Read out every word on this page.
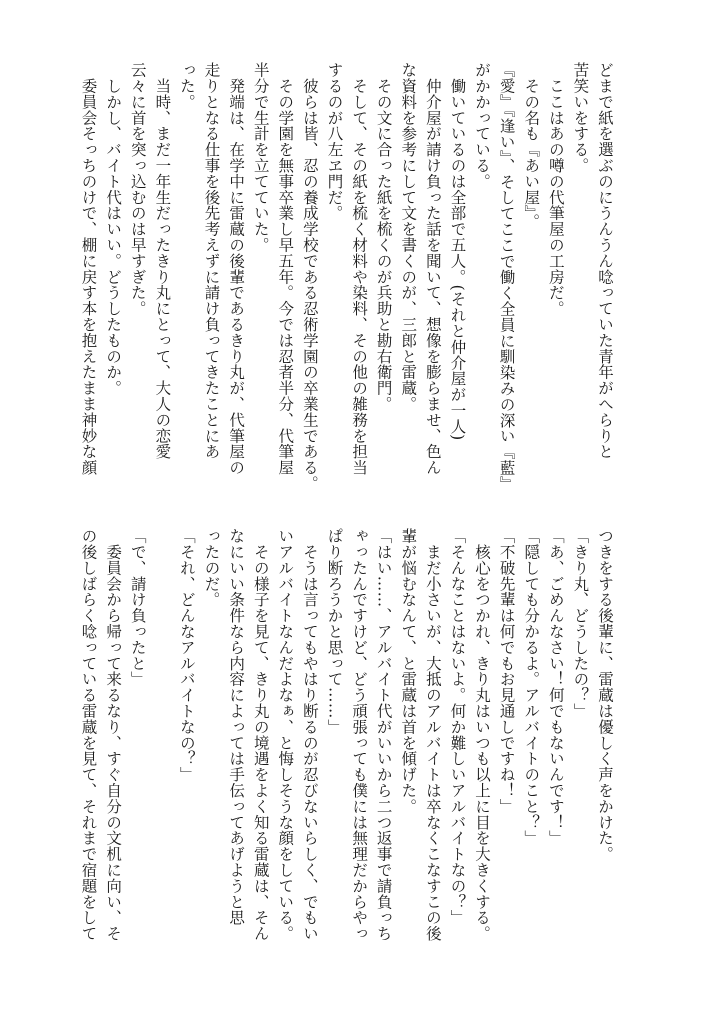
どまで紙を選ぶのにうんうん唸っていた青年がへらりと
苦笑いをする。
　ここはあの噂の代筆屋の工房だ。
　その名も『あい屋』。
『愛』『逢い』、そしてここで働く全員に馴染みの深い『藍』
がかかっている。
　働いているのは全部で五人。(それと仲介屋が一人)
　仲介屋が請け負った話を聞いて、想像を膨らませ、色ん
な資料を参考にして文を書くのが、三郎と雷蔵。
　その文に合った紙を梳くのが兵助と勘右衛門。
　そして、その紙を梳く材料や染料、その他の雑務を担当
するのが八左ヱ門だ。
　彼らは皆、忍の養成学校である忍術学園の卒業生である。
　その学園を無事卒業し早五年。今では忍者半分、代筆屋
半分で生計を立てていた。
　発端は、在学中に雷蔵の後輩であるきり丸が、代筆屋の
走りとなる仕事を後先考えずに請け負ってきたことにあ
った。
　当時、まだ一年生だったきり丸にとって、大人の恋愛
云々に首を突っ込むのは早すぎた。
　しかし、バイト代はいい。どうしたものか。
　委員会そっちのけで、棚に戻す本を抱えたまま神妙な顔
つきをする後輩に、雷蔵は優しく声をかけた。
「きり丸、どうしたの？」
「あ、ごめんなさい！何でもないんです！」
「隠しても分かるよ。アルバイトのこと？」
「不破先輩は何でもお見通しですね！」
　核心をつかれ、きり丸はいつも以上に目を大きくする。
「そんなことはないよ。何か難しいアルバイトなの？」
　まだ小さいが、大抵のアルバイトは卒なくこなすこの後
輩が悩むなんて、と雷蔵は首を傾げた。
「はい……、アルバイト代がいいから二つ返事で請負っち
ゃったんですけど、どう頑張っても僕には無理だからやっ
ぱり断ろうかと思って……」
　そうは言ってもやはり断るのが忍びないらしく、でもい
いアルバイトなんだよなぁ、と悔しそうな顔をしている。
　その様子を見て、きり丸の境遇をよく知る雷蔵は、そん
なにいい条件なら内容によっては手伝ってあげようと思
ったのだ。
「それ、どんなアルバイトなの？」
「で、請け負ったと」
　委員会から帰って来るなり、すぐ自分の文机に向い、そ
の後しばらく唸っている雷蔵を見て、それまで宿題をして
